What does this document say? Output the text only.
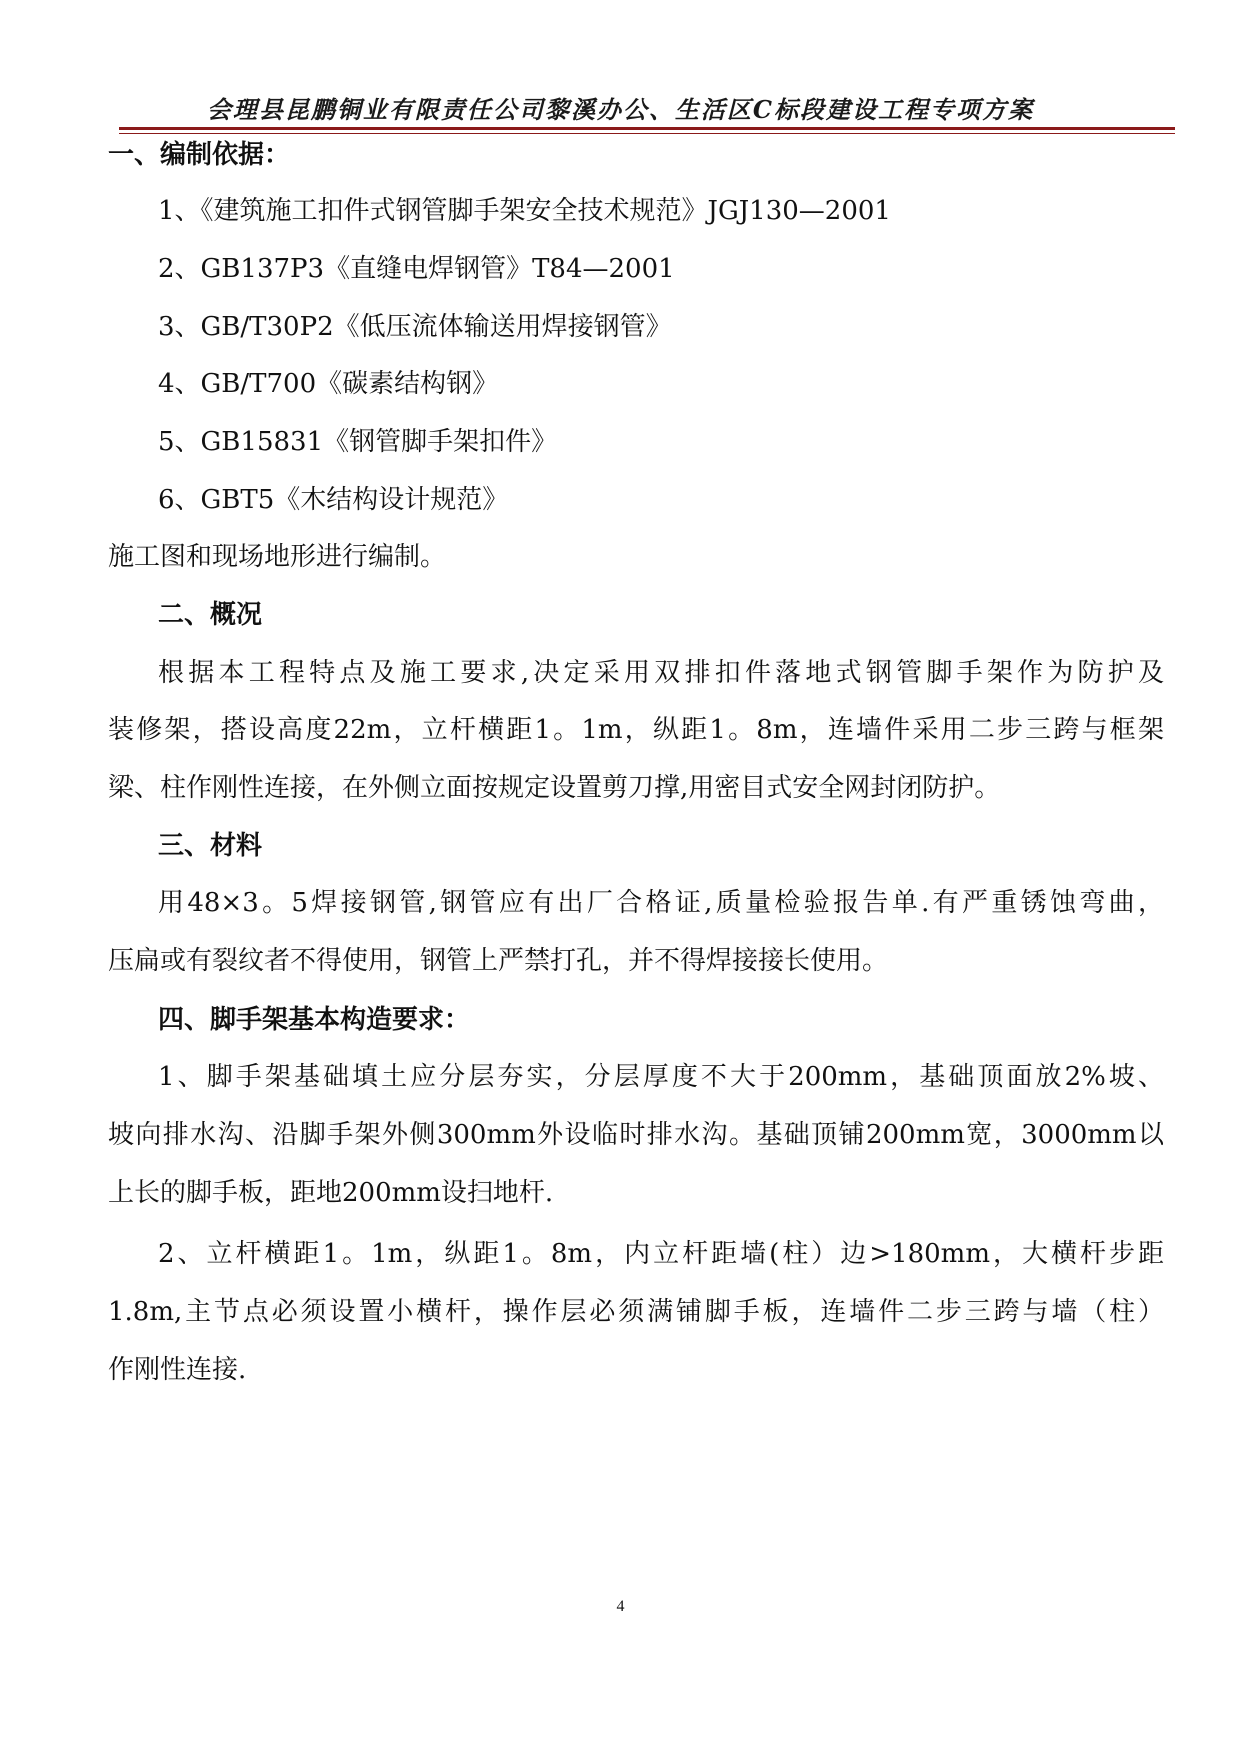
会理县昆鹏铜业有限责任公司黎溪办公、生活区C标段建设工程专项方案
一、编制依据：
1、《建筑施工扣件式钢管脚手架安全技术规范》JGJ130—2001
2、GB137P3《直缝电焊钢管》T84—2001
3、GB/T30P2《低压流体输送用焊接钢管》
4、GB/T700《碳素结构钢》
5、GB15831《钢管脚手架扣件》
6、GBT5《木结构设计规范》
施工图和现场地形进行编制。
二、概况
根据本工程特点及施工要求,决定采用双排扣件落地式钢管脚手架作为防护及
装修架，搭设高度22m，立杆横距1。1m，纵距1。8m，连墙件采用二步三跨与框架
梁、柱作刚性连接，在外侧立面按规定设置剪刀撑,用密目式安全网封闭防护。
三、材料
用48×3。5焊接钢管,钢管应有出厂合格证,质量检验报告单.有严重锈蚀弯曲，
压扁或有裂纹者不得使用，钢管上严禁打孔，并不得焊接接长使用。
四、脚手架基本构造要求：
1、脚手架基础填土应分层夯实，分层厚度不大于200mm，基础顶面放2%坡、
坡向排水沟、沿脚手架外侧300mm外设临时排水沟。基础顶铺200mm宽，3000mm以
上长的脚手板，距地200mm设扫地杆.
2、立杆横距1。1m，纵距1。8m，内立杆距墙(柱）边>180mm，大横杆步距
1.8m,主节点必须设置小横杆，操作层必须满铺脚手板，连墙件二步三跨与墙（柱）
作刚性连接.
4
